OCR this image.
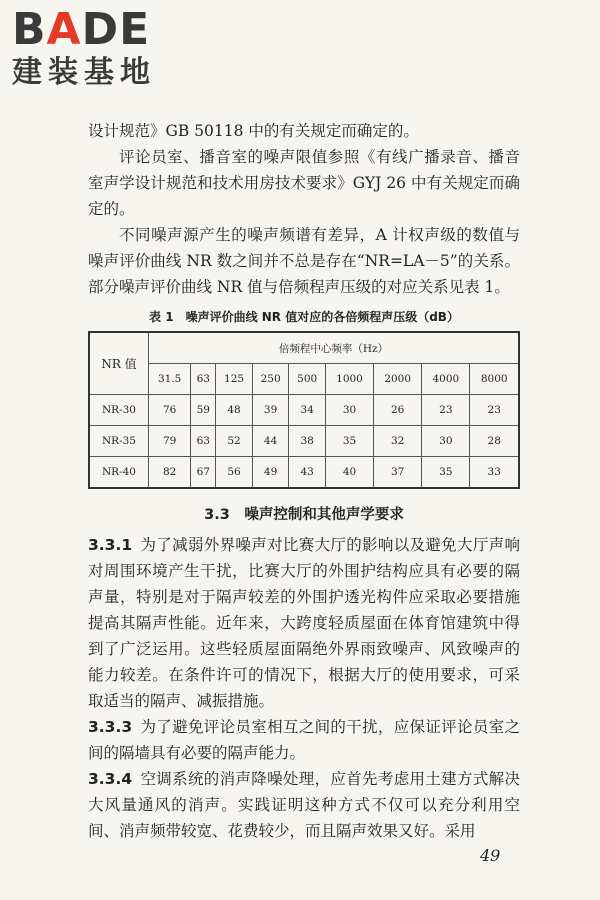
BADE
建装基地

设计规范》GB 50118 中的有关规定而确定的。

评论员室、播音室的噪声限值参照《有线广播录音、播音室声学设计规范和技术用房技术要求》GYJ 26 中有关规定而确定的。

不同噪声源产生的噪声频谱有差异，A 计权声级的数值与噪声评价曲线 NR 数之间并不总是存在“NR=LA－5”的关系。部分噪声评价曲线 NR 值与倍频程声压级的对应关系见表 1。

表 1　噪声评价曲线 NR 值对应的各倍频程声压级（dB）
NR 值	倍频程中心频率（Hz）								
	31.5	63	125	250	500	1000	2000	4000	8000
NR-30	76	59	48	39	34	30	26	23	23
NR-35	79	63	52	44	38	35	32	30	28
NR-40	82	67	56	49	43	40	37	35	33
3.3　噪声控制和其他声学要求

3.3.1 为了减弱外界噪声对比赛大厅的影响以及避免大厅声响对周围环境产生干扰，比赛大厅的外围护结构应具有必要的隔声量，特别是对于隔声较差的外围护透光构件应采取必要措施提高其隔声性能。近年来，大跨度轻质屋面在体育馆建筑中得到了广泛运用。这些轻质屋面隔绝外界雨致噪声、风致噪声的能力较差。在条件许可的情况下，根据大厅的使用要求，可采取适当的隔声、减振措施。

3.3.3 为了避免评论员室相互之间的干扰，应保证评论员室之间的隔墙具有必要的隔声能力。

3.3.4 空调系统的消声降噪处理，应首先考虑用土建方式解决大风量通风的消声。实践证明这种方式不仅可以充分利用空间、消声频带较宽、花费较少，而且隔声效果又好。采用

49
